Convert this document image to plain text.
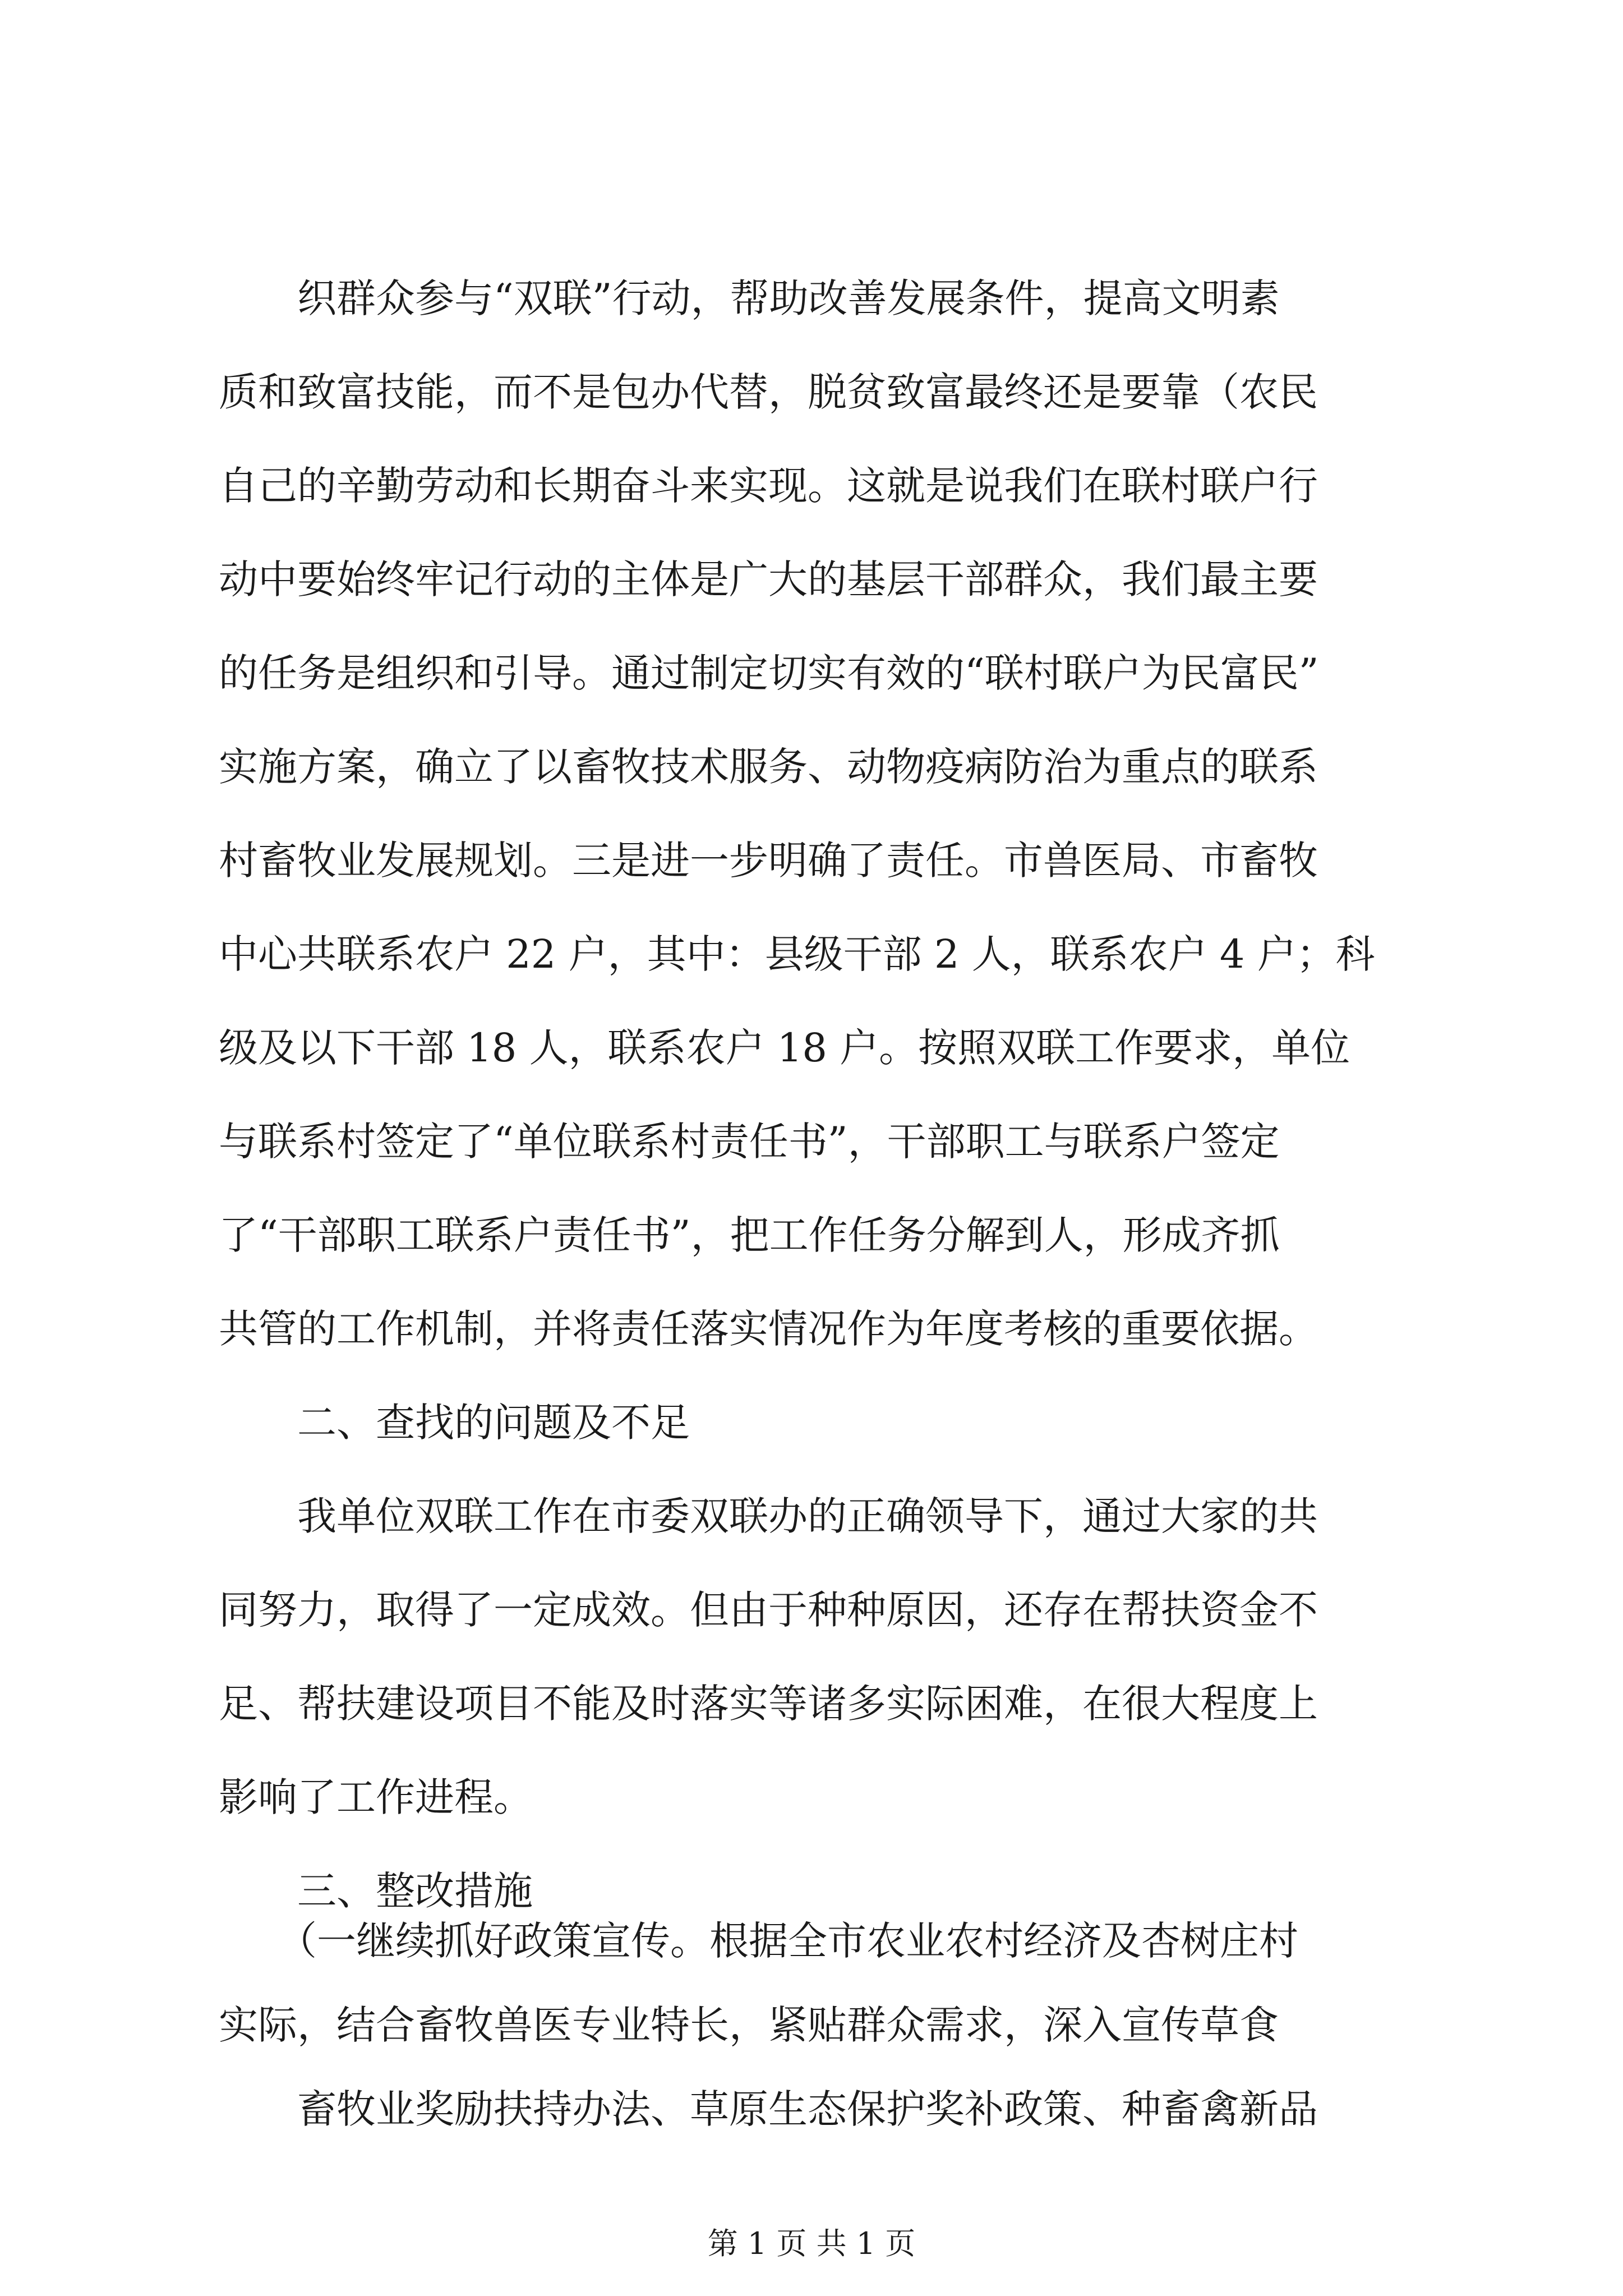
　　织群众参与“双联”行动，帮助改善发展条件，提高文明素

质和致富技能，而不是包办代替，脱贫致富最终还是要靠（农民

自己的辛勤劳动和长期奋斗来实现。这就是说我们在联村联户行

动中要始终牢记行动的主体是广大的基层干部群众，我们最主要

的任务是组织和引导。通过制定切实有效的“联村联户为民富民”

实施方案，确立了以畜牧技术服务、动物疫病防治为重点的联系

村畜牧业发展规划。三是进一步明确了责任。市兽医局、市畜牧

中心共联系农户 22 户，其中：县级干部 2 人，联系农户 4 户；科

级及以下干部 18 人，联系农户 18 户。按照双联工作要求，单位

与联系村签定了“单位联系村责任书”，干部职工与联系户签定

了“干部职工联系户责任书”，把工作任务分解到人，形成齐抓

共管的工作机制，并将责任落实情况作为年度考核的重要依据。

　　二、查找的问题及不足

　　我单位双联工作在市委双联办的正确领导下，通过大家的共

同努力，取得了一定成效。但由于种种原因，还存在帮扶资金不

足、帮扶建设项目不能及时落实等诸多实际困难，在很大程度上

影响了工作进程。

　　三、整改措施

　　（一继续抓好政策宣传。根据全市农业农村经济及杏树庄村

实际，结合畜牧兽医专业特长，紧贴群众需求，深入宣传草食

　　畜牧业奖励扶持办法、草原生态保护奖补政策、种畜禽新品

第 1 页 共 1 页
